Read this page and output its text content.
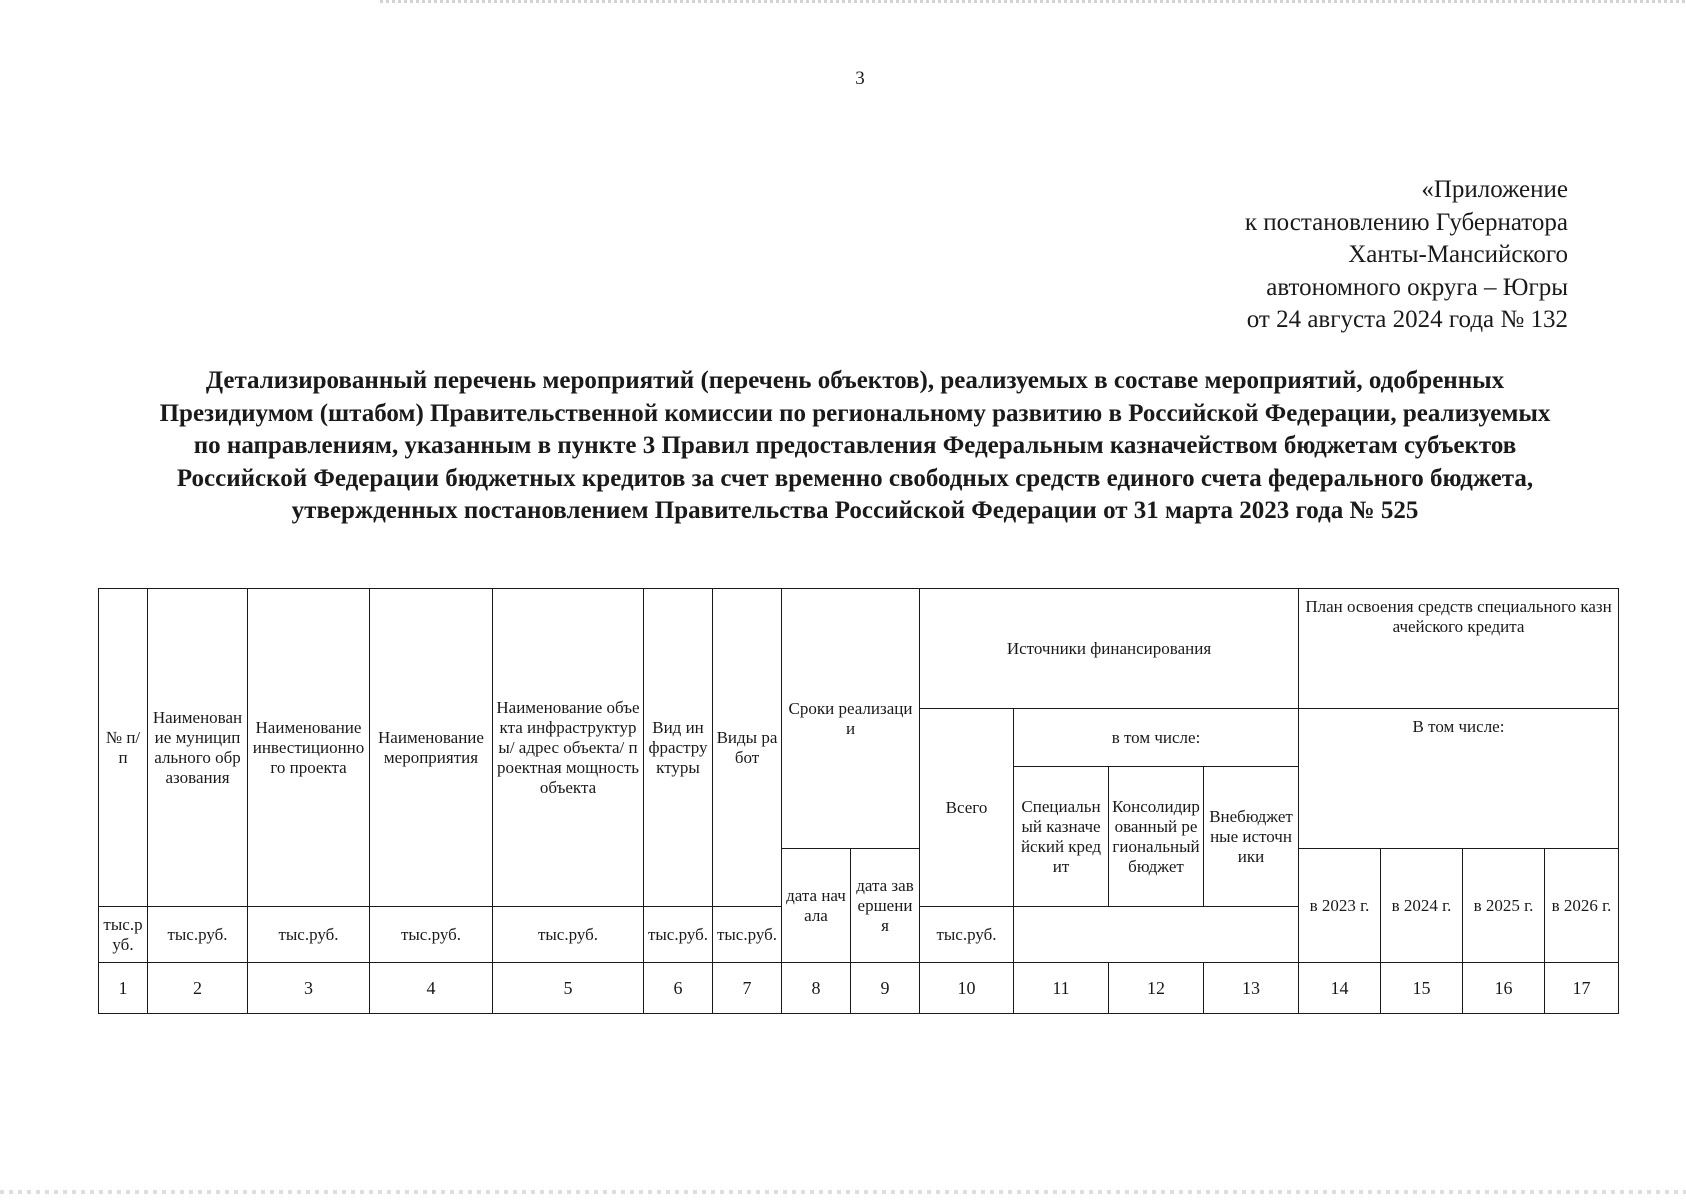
3
«Приложение
к постановлению Губернатора
Ханты-Мансийского
автономного округа – Югры
от 24 августа 2024 года № 132
Детализированный перечень мероприятий (перечень объектов), реализуемых в составе мероприятий, одобренных Президиумом (штабом) Правительственной комиссии по региональному развитию в Российской Федерации, реализуемых по направлениям, указанным в пункте 3 Правил предоставления Федеральным казначейством бюджетам субъектов Российской Федерации бюджетных кредитов за счет временно свободных средств единого счета федерального бюджета, утвержденных постановлением Правительства Российской Федерации от 31 марта 2023 года № 525
№ п/п	Наименование муниципального образования	Наименование инвестиционного проекта	Наименование мероприятия	Наименование объекта инфраструктуры/ адрес объекта/ проектная мощность объекта	Вид инфраструктуры	Виды работ	Сроки реализации		Источники финансирования				План освоения средств специального казначейского кредита			
									Всего	в том числе:			В том числе:			
										Специальный казначейский кредит	Консолидированный региональный бюджет	Внебюджетные источники				
							дата начала	дата завершения					в 2023 г.	в 2024 г.	в 2025 г.	в 2026 г.
тыс.руб.	тыс.руб.	тыс.руб.	тыс.руб.	тыс.руб.	тыс.руб.	тыс.руб.			тыс.руб.							
1	2	3	4	5	6	7	8	9	10	11	12	13	14	15	16	17
